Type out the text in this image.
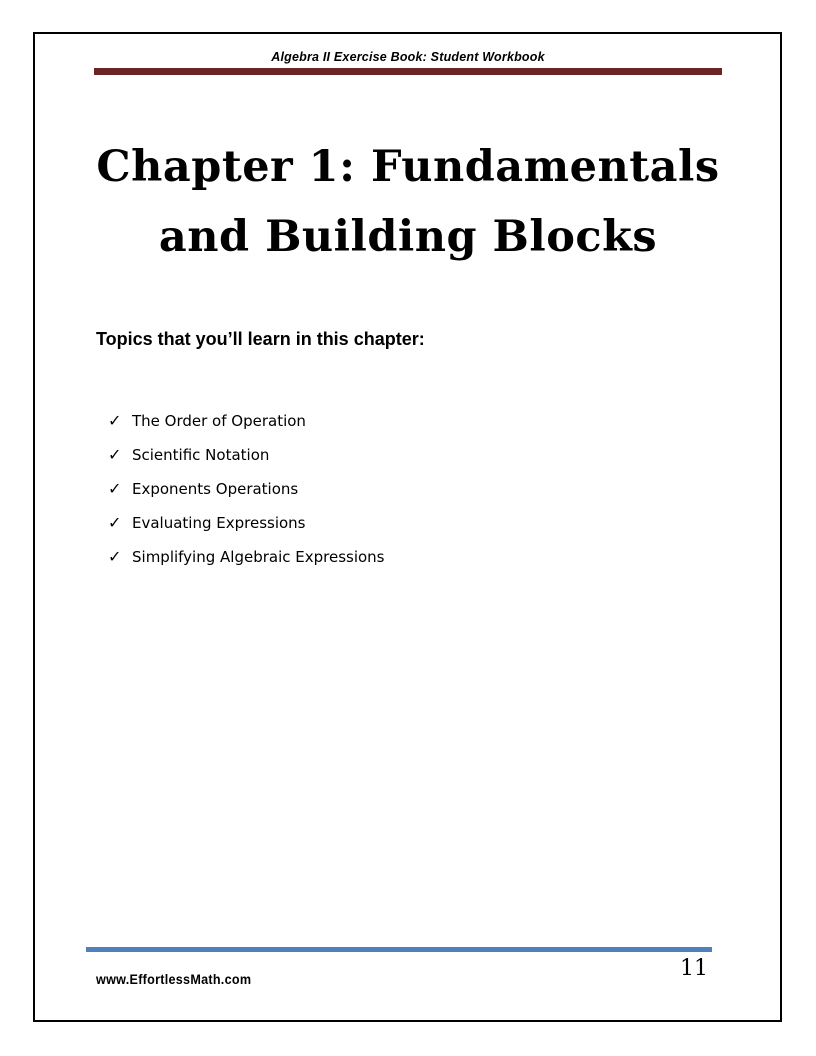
Algebra II Exercise Book: Student Workbook
Chapter 1: Fundamentals and Building Blocks
Topics that you’ll learn in this chapter:
✓ The Order of Operation
✓ Scientific Notation
✓ Exponents Operations
✓ Evaluating Expressions
✓ Simplifying Algebraic Expressions
www.EffortlessMath.com	11
